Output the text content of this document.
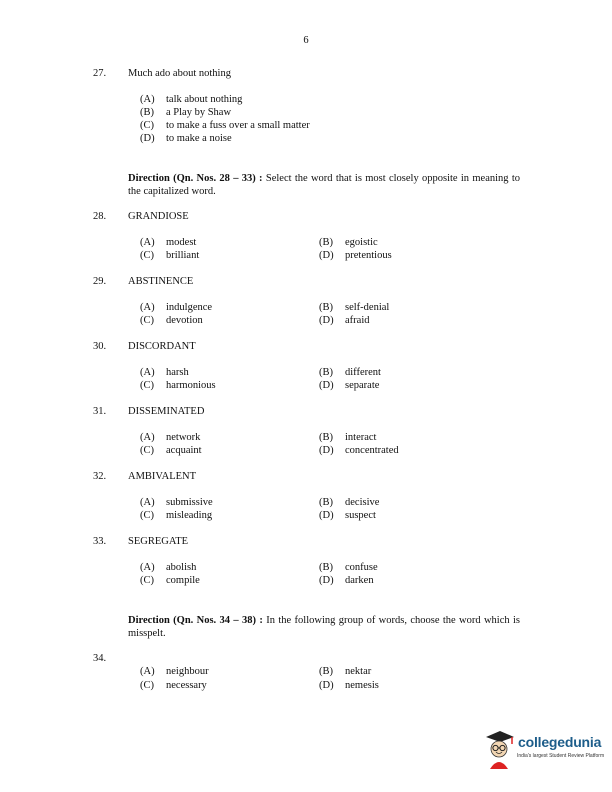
6
27. Much ado about nothing
(A) talk about nothing
(B) a Play by Shaw
(C) to make a fuss over a small matter
(D) to make a noise
Direction (Qn. Nos. 28 – 33) : Select the word that is most closely opposite in meaning to the capitalized word.
28. GRANDIOSE
(A) modest	(B) egoistic
(C) brilliant	(D) pretentious
29. ABSTINENCE
(A) indulgence	(B) self-denial
(C) devotion	(D) afraid
30. DISCORDANT
(A) harsh	(B) different
(C) harmonious	(D) separate
31. DISSEMINATED
(A) network	(B) interact
(C) acquaint	(D) concentrated
32. AMBIVALENT
(A) submissive	(B) decisive
(C) misleading	(D) suspect
33. SEGREGATE
(A) abolish	(B) confuse
(C) compile	(D) darken
Direction (Qn. Nos. 34 – 38) : In the following group of words, choose the word which is misspelt.
34.
(A) neighbour	(B) nektar
(C) necessary	(D) nemesis
collegedunia
India's largest Student Review Platform
